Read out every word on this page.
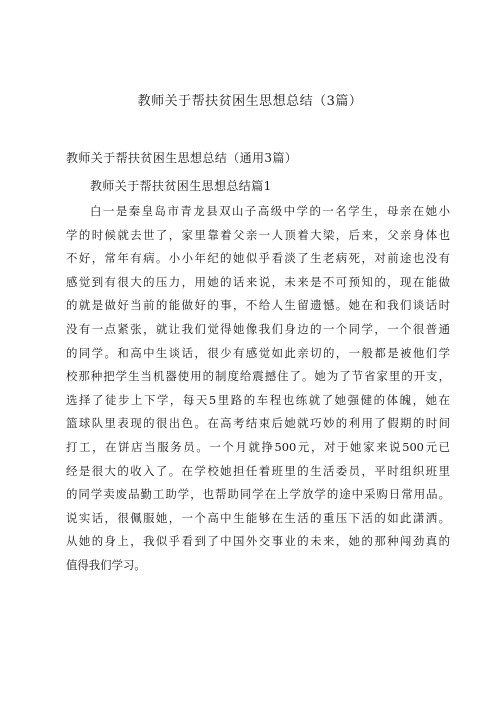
教师关于帮扶贫困生思想总结（3篇）
教师关于帮扶贫困生思想总结（通用3篇）
教师关于帮扶贫困生思想总结篇1
白一是秦皇岛市青龙县双山子高级中学的一名学生，母亲在她小
学的时候就去世了，家里靠着父亲一人顶着大梁，后来，父亲身体也
不好，常年有病。小小年纪的她似乎看淡了生老病死，对前途也没有
感觉到有很大的压力，用她的话来说，未来是不可预知的，现在能做
的就是做好当前的能做好的事，不给人生留遗憾。她在和我们谈话时
没有一点紧张，就让我们觉得她像我们身边的一个同学，一个很普通
的同学。和高中生谈话，很少有感觉如此亲切的，一般都是被他们学
校那种把学生当机器使用的制度给震撼住了。她为了节省家里的开支，
选择了徒步上下学，每天5里路的车程也练就了她强健的体魄，她在
篮球队里表现的很出色。在高考结束后她就巧妙的利用了假期的时间
打工，在饼店当服务员。一个月就挣500元，对于她家来说500元已
经是很大的收入了。在学校她担任着班里的生活委员，平时组织班里
的同学卖废品勤工助学，也帮助同学在上学放学的途中采购日常用品。
说实话，很佩服她，一个高中生能够在生活的重压下活的如此潇洒。
从她的身上，我似乎看到了中国外交事业的未来，她的那种闯劲真的
值得我们学习。
